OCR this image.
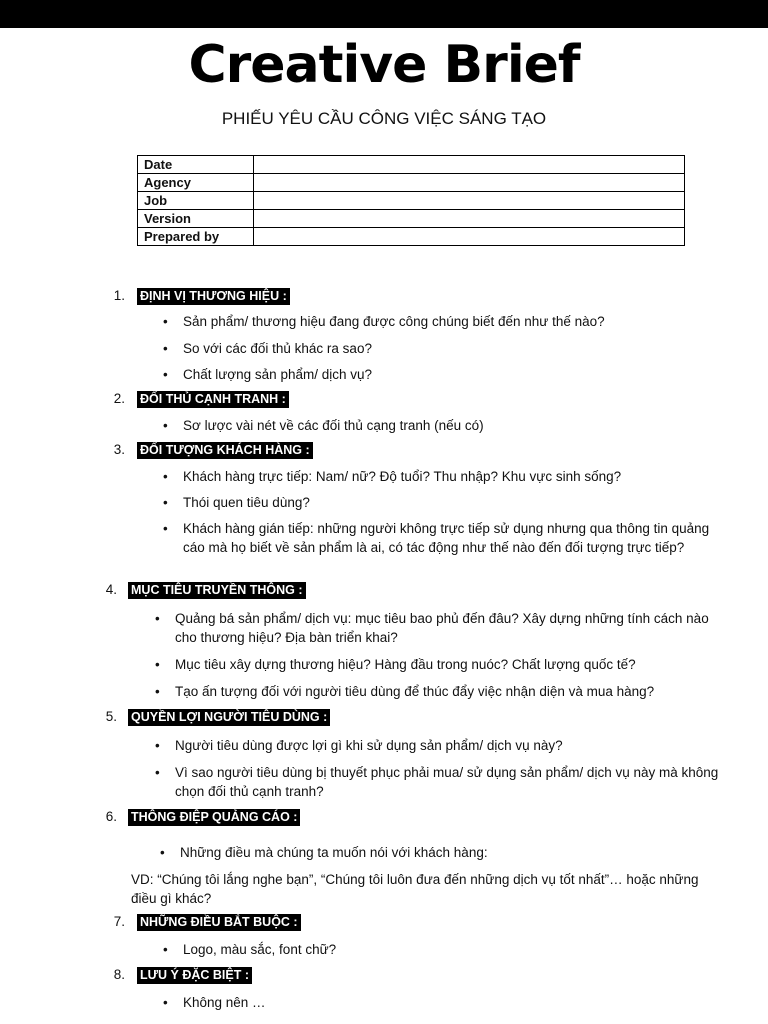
Creative Brief
PHIẾU YÊU CẦU CÔNG VIỆC SÁNG TẠO
Date	
Agency	
Job	
Version	
Prepared by	
1. ĐỊNH VỊ THƯƠNG HIỆU :
• Sản phẩm/ thương hiệu đang được công chúng biết đến như thế nào?
• So với các đối thủ khác ra sao?
• Chất lượng sản phẩm/ dịch vụ?
2. ĐỐI THỦ CẠNH TRANH :
• Sơ lược vài nét về các đối thủ cạng tranh (nếu có)
3. ĐỐI TƯỢNG KHÁCH HÀNG :
• Khách hàng trực tiếp: Nam/ nữ? Độ tuổi? Thu nhập? Khu vực sinh sống?
• Thói quen tiêu dùng?
• Khách hàng gián tiếp: những người không trực tiếp sử dụng nhưng qua thông tin quảng cáo mà họ biết về sản phẩm là ai, có tác động như thế nào đến đối tượng trực tiếp?
4. MỤC TIÊU TRUYỀN THÔNG :
• Quảng bá sản phẩm/ dịch vụ: mục tiêu bao phủ đến đâu? Xây dựng những tính cách nào cho thương hiệu? Địa bàn triển khai?
• Mục tiêu xây dựng thương hiệu? Hàng đầu trong nuóc? Chất lượng quốc tế?
• Tạo ấn tượng đối với người tiêu dùng để thúc đẩy việc nhận diện và mua hàng?
5. QUYỀN LỢI NGƯỜI TIÊU DÙNG :
• Người tiêu dùng được lợi gì khi sử dụng sản phẩm/ dịch vụ này?
• Vì sao người tiêu dùng bị thuyết phục phải mua/ sử dụng sản phẩm/ dịch vụ này mà không chọn đối thủ cạnh tranh?
6. THÔNG ĐIỆP QUẢNG CÁO :
• Những điều mà chúng ta muốn nói với khách hàng:
VD: “Chúng tôi lắng nghe bạn”, “Chúng tôi luôn đưa đến những dịch vụ tốt nhất”… hoặc những điều gì khác?
7. NHỮNG ĐIỀU BẮT BUỘC :
• Logo, màu sắc, font chữ?
8. LƯU Ý ĐẶC BIỆT :
• Không nên …
